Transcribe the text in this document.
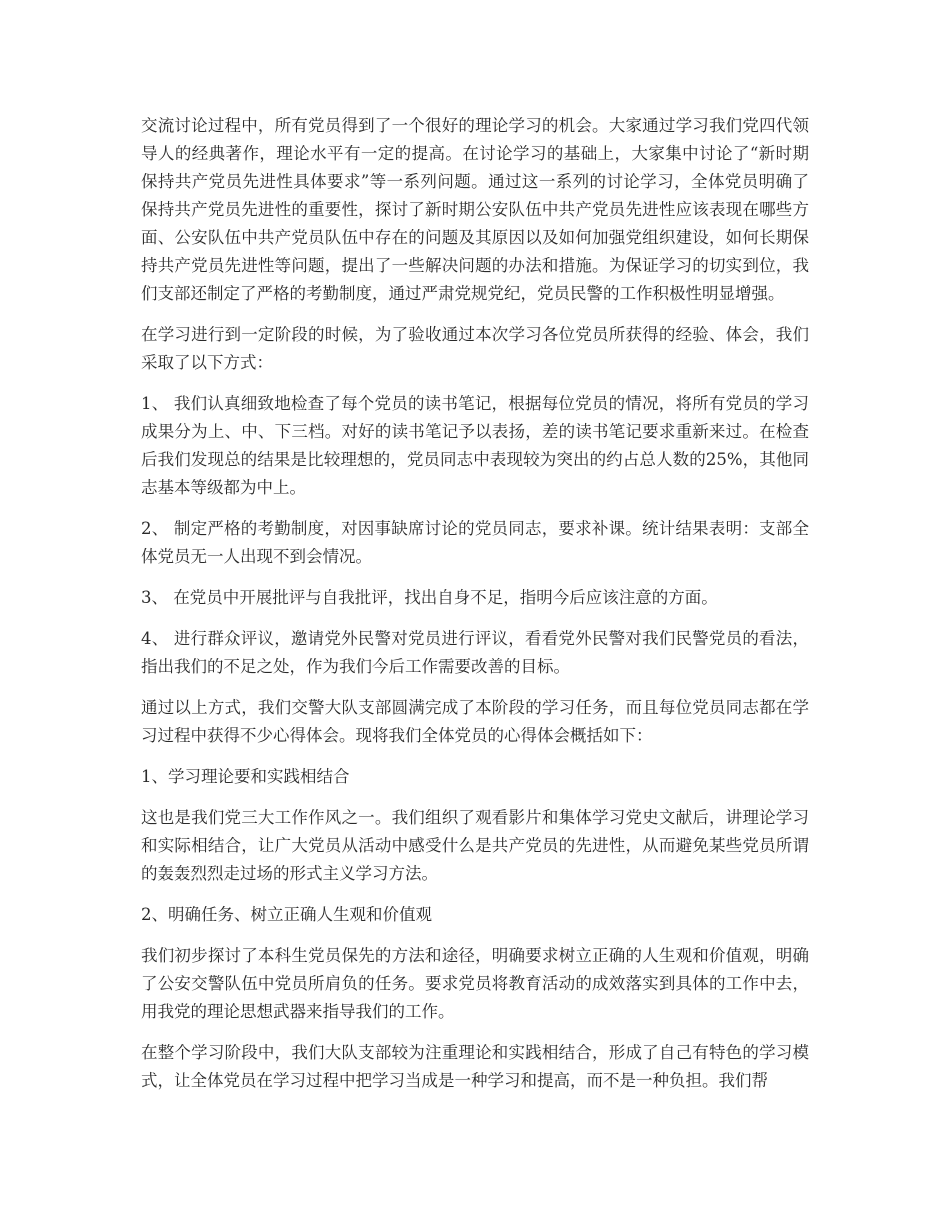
交流讨论过程中，所有党员得到了一个很好的理论学习的机会。大家通过学习我们党四代领导人的经典著作，理论水平有一定的提高。在讨论学习的基础上，大家集中讨论了“新时期保持共产党员先进性具体要求”等一系列问题。通过这一系列的讨论学习，全体党员明确了保持共产党员先进性的重要性，探讨了新时期公安队伍中共产党员先进性应该表现在哪些方面、公安队伍中共产党员队伍中存在的问题及其原因以及如何加强党组织建设，如何长期保持共产党员先进性等问题，提出了一些解决问题的办法和措施。为保证学习的切实到位，我们支部还制定了严格的考勤制度，通过严肃党规党纪，党员民警的工作积极性明显增强。

在学习进行到一定阶段的时候，为了验收通过本次学习各位党员所获得的经验、体会，我们采取了以下方式：

1、 我们认真细致地检查了每个党员的读书笔记，根据每位党员的情况，将所有党员的学习成果分为上、中、下三档。对好的读书笔记予以表扬，差的读书笔记要求重新来过。在检查后我们发现总的结果是比较理想的，党员同志中表现较为突出的约占总人数的25%，其他同志基本等级都为中上。

2、 制定严格的考勤制度，对因事缺席讨论的党员同志，要求补课。统计结果表明：支部全体党员无一人出现不到会情况。

3、 在党员中开展批评与自我批评，找出自身不足，指明今后应该注意的方面。

4、 进行群众评议，邀请党外民警对党员进行评议，看看党外民警对我们民警党员的看法，指出我们的不足之处，作为我们今后工作需要改善的目标。

通过以上方式，我们交警大队支部圆满完成了本阶段的学习任务，而且每位党员同志都在学习过程中获得不少心得体会。现将我们全体党员的心得体会概括如下：

1、学习理论要和实践相结合

这也是我们党三大工作作风之一。我们组织了观看影片和集体学习党史文献后，讲理论学习和实际相结合，让广大党员从活动中感受什么是共产党员的先进性，从而避免某些党员所谓的轰轰烈烈走过场的形式主义学习方法。

2、明确任务、树立正确人生观和价值观

我们初步探讨了本科生党员保先的方法和途径，明确要求树立正确的人生观和价值观，明确了公安交警队伍中党员所肩负的任务。要求党员将教育活动的成效落实到具体的工作中去，用我党的理论思想武器来指导我们的工作。

在整个学习阶段中，我们大队支部较为注重理论和实践相结合，形成了自己有特色的学习模式，让全体党员在学习过程中把学习当成是一种学习和提高，而不是一种负担。我们帮
